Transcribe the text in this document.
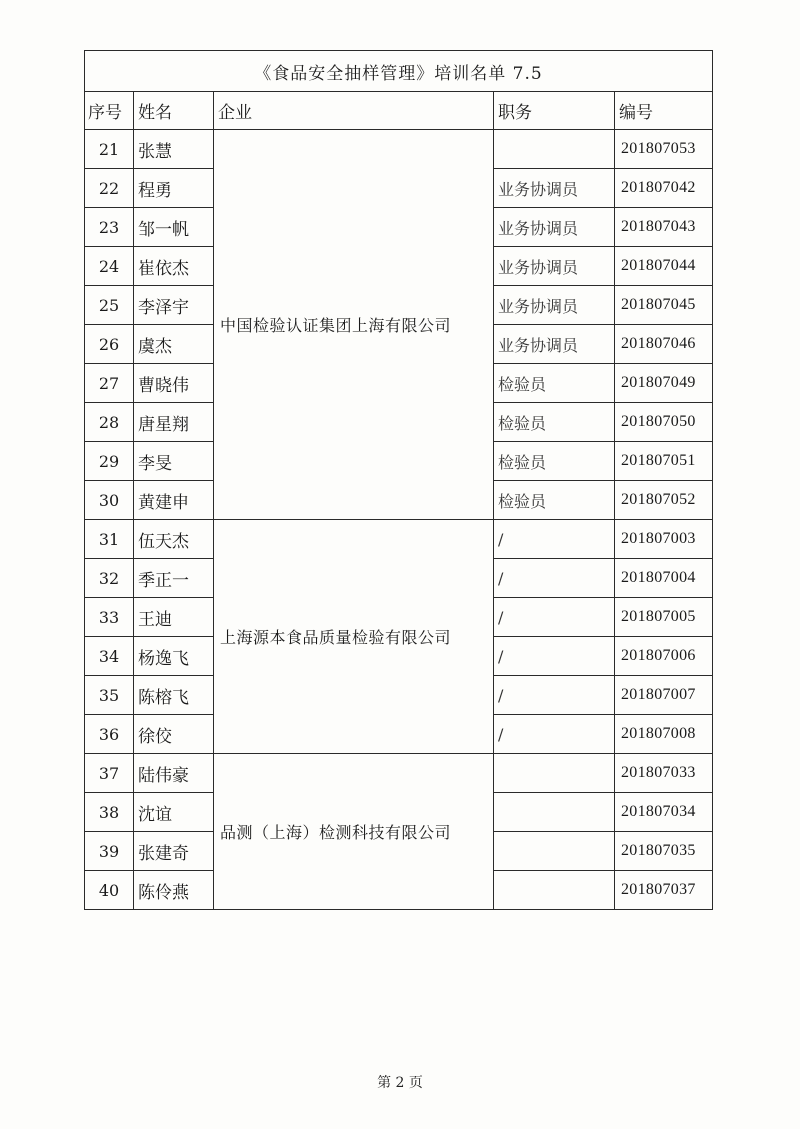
《食品安全抽样管理》培训名单 7.5				
序号	姓名	企业	职务	编号
21	张慧	中国检验认证集团上海有限公司		201807053
22	程勇		业务协调员	201807042
23	邹一帆		业务协调员	201807043
24	崔依杰		业务协调员	201807044
25	李泽宇		业务协调员	201807045
26	虞杰		业务协调员	201807046
27	曹晓伟		检验员	201807049
28	唐星翔		检验员	201807050
29	李旻		检验员	201807051
30	黄建申		检验员	201807052
31	伍天杰	上海源本食品质量检验有限公司	/	201807003
32	季正一		/	201807004
33	王迪		/	201807005
34	杨逸飞		/	201807006
35	陈榕飞		/	201807007
36	徐佼		/	201807008
37	陆伟豪	品测（上海）检测科技有限公司		201807033
38	沈谊			201807034
39	张建奇			201807035
40	陈伶燕			201807037
第 2 页
